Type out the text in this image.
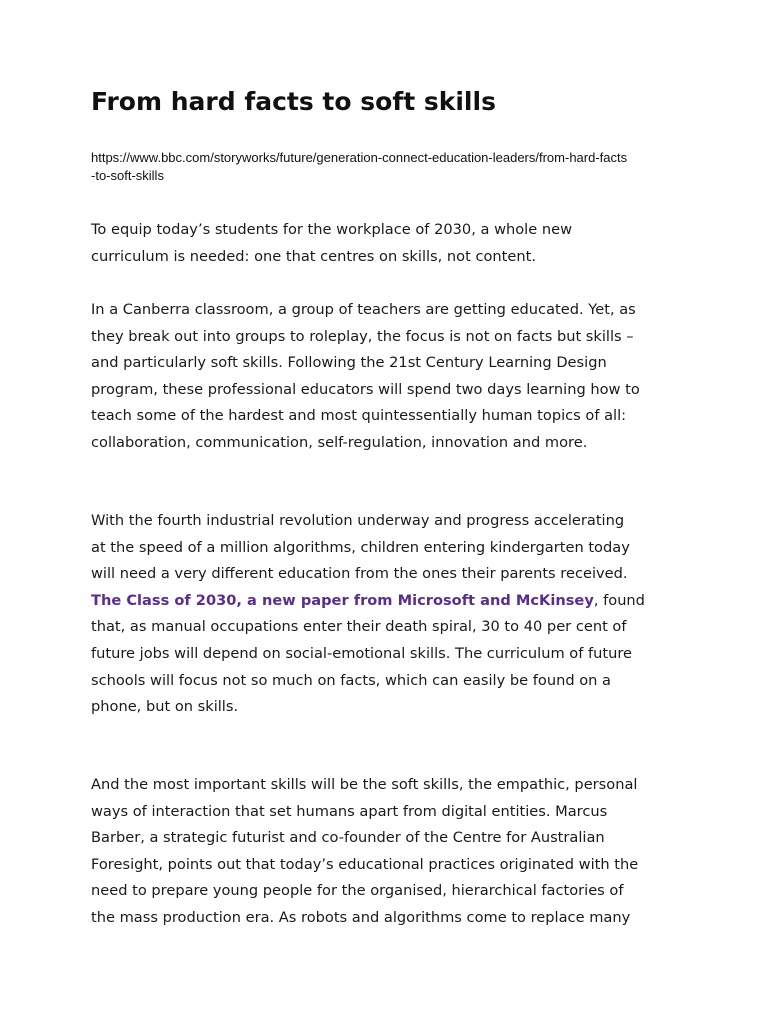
From hard facts to soft skills

https://www.bbc.com/storyworks/future/generation-connect-education-leaders/from-hard-facts
-to-soft-skills

To equip today’s students for the workplace of 2030, a whole new
curriculum is needed: one that centres on skills, not content.

In a Canberra classroom, a group of teachers are getting educated. Yet, as
they break out into groups to roleplay, the focus is not on facts but skills –
and particularly soft skills. Following the 21st Century Learning Design
program, these professional educators will spend two days learning how to
teach some of the hardest and most quintessentially human topics of all:
collaboration, communication, self-regulation, innovation and more.

With the fourth industrial revolution underway and progress accelerating
at the speed of a million algorithms, children entering kindergarten today
will need a very different education from the ones their parents received.
The Class of 2030, a new paper from Microsoft and McKinsey, found
that, as manual occupations enter their death spiral, 30 to 40 per cent of
future jobs will depend on social-emotional skills. The curriculum of future
schools will focus not so much on facts, which can easily be found on a
phone, but on skills.

And the most important skills will be the soft skills, the empathic, personal
ways of interaction that set humans apart from digital entities. Marcus
Barber, a strategic futurist and co-founder of the Centre for Australian
Foresight, points out that today’s educational practices originated with the
need to prepare young people for the organised, hierarchical factories of
the mass production era. As robots and algorithms come to replace many
